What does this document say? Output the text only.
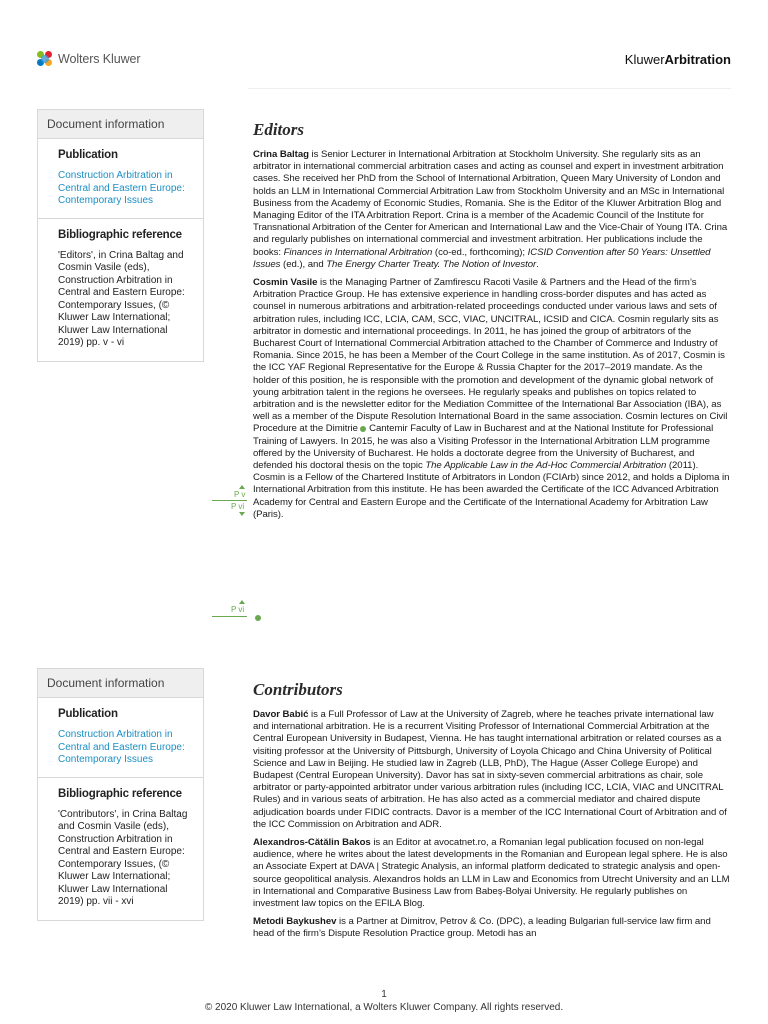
Wolters Kluwer	KluwerArbitration
Document information
Publication
Construction Arbitration in Central and Eastern Europe: Contemporary Issues
Bibliographic reference
'Editors', in Crina Baltag and Cosmin Vasile (eds), Construction Arbitration in Central and Eastern Europe: Contemporary Issues, (© Kluwer Law International; Kluwer Law International 2019) pp. v - vi
Document information
Publication
Construction Arbitration in Central and Eastern Europe: Contemporary Issues
Bibliographic reference
'Contributors', in Crina Baltag and Cosmin Vasile (eds), Construction Arbitration in Central and Eastern Europe: Contemporary Issues, (© Kluwer Law International; Kluwer Law International 2019) pp. vii - xvi
Editors

Crina Baltag is Senior Lecturer in International Arbitration at Stockholm University. She regularly sits as an arbitrator in international commercial arbitration cases and acting as counsel and expert in investment arbitration cases. She received her PhD from the School of International Arbitration, Queen Mary University of London and holds an LLM in International Commercial Arbitration Law from Stockholm University and an MSc in International Business from the Academy of Economic Studies, Romania. She is the Editor of the Kluwer Arbitration Blog and Managing Editor of the ITA Arbitration Report. Crina is a member of the Academic Council of the Institute for Transnational Arbitration of the Center for American and International Law and the Vice-Chair of Young ITA. Crina and regularly publishes on international commercial and investment arbitration. Her publications include the books: Finances in International Arbitration (co-ed., forthcoming); ICSID Convention after 50 Years: Unsettled Issues (ed.), and The Energy Charter Treaty. The Notion of Investor.

Cosmin Vasile is the Managing Partner of Zamfirescu Racoti Vasile & Partners and the Head of the firm’s Arbitration Practice Group. He has extensive experience in handling cross-border disputes and has acted as counsel in numerous arbitrations and arbitration-related proceedings conducted under various laws and sets of arbitration rules, including ICC, LCIA, CAM, SCC, VIAC, UNCITRAL, ICSID and CICA. Cosmin regularly sits as arbitrator in domestic and international proceedings. In 2011, he has joined the group of arbitrators of the Bucharest Court of International Commercial Arbitration attached to the Chamber of Commerce and Industry of Romania. Since 2015, he has been a Member of the Court College in the same institution. As of 2017, Cosmin is the ICC YAF Regional Representative for the Europe & Russia Chapter for the 2017–2019 mandate. As the holder of this position, he is responsible with the promotion and development of the dynamic global network of young arbitration talent in the regions he oversees. He regularly speaks and publishes on topics related to arbitration and is the newsletter editor for the Mediation Committee of the International Bar Association (IBA), as well as a member of the Dispute Resolution International Board in the same association. Cosmin lectures on Civil Procedure at the Dimitrie Cantemir Faculty of Law in Bucharest and at the National Institute for Professional Training of Lawyers. In 2015, he was also a Visiting Professor in the International Arbitration LLM programme offered by the University of Bucharest. He holds a doctorate degree from the University of Bucharest, and defended his doctoral thesis on the topic The Applicable Law in the Ad-Hoc Commercial Arbitration (2011). Cosmin is a Fellow of the Chartered Institute of Arbitrators in London (FCIArb) since 2012, and holds a Diploma in International Arbitration from this institute. He has been awarded the Certificate of the ICC Advanced Arbitration Academy for Central and Eastern Europe and the Certificate of the International Academy for Arbitration Law (Paris).

P v
P vi
P vi
Contributors

Davor Babić is a Full Professor of Law at the University of Zagreb, where he teaches private international law and international arbitration. He is a recurrent Visiting Professor of International Commercial Arbitration at the Central European University in Budapest, Vienna. He has taught international arbitration or related courses as a visiting professor at the University of Pittsburgh, University of Loyola Chicago and China University of Political Science and Law in Beijing. He studied law in Zagreb (LLB, PhD), The Hague (Asser College Europe) and Budapest (Central European University). Davor has sat in sixty-seven commercial arbitrations as chair, sole arbitrator or party-appointed arbitrator under various arbitration rules (including ICC, LCIA, VIAC and UNCITRAL Rules) and in various seats of arbitration. He has also acted as a commercial mediator and chaired dispute adjudication boards under FIDIC contracts. Davor is a member of the ICC International Court of Arbitration and of the ICC Commission on Arbitration and ADR.

Alexandros-Cătălin Bakos is an Editor at avocatnet.ro, a Romanian legal publication focused on non-legal audience, where he writes about the latest developments in the Romanian and European legal sphere. He is also an Associate Expert at DAVA | Strategic Analysis, an informal platform dedicated to strategic analysis and open-source geopolitical analysis. Alexandros holds an LLM in Law and Economics from Utrecht University and an LLM in International and Comparative Business Law from Babeș-Bolyai University. He regularly publishes on investment law topics on the EFILA Blog.

Metodi Baykushev is a Partner at Dimitrov, Petrov & Co. (DPC), a leading Bulgarian full-service law firm and head of the firm’s Dispute Resolution Practice group. Metodi has an

1
© 2020 Kluwer Law International, a Wolters Kluwer Company. All rights reserved.
